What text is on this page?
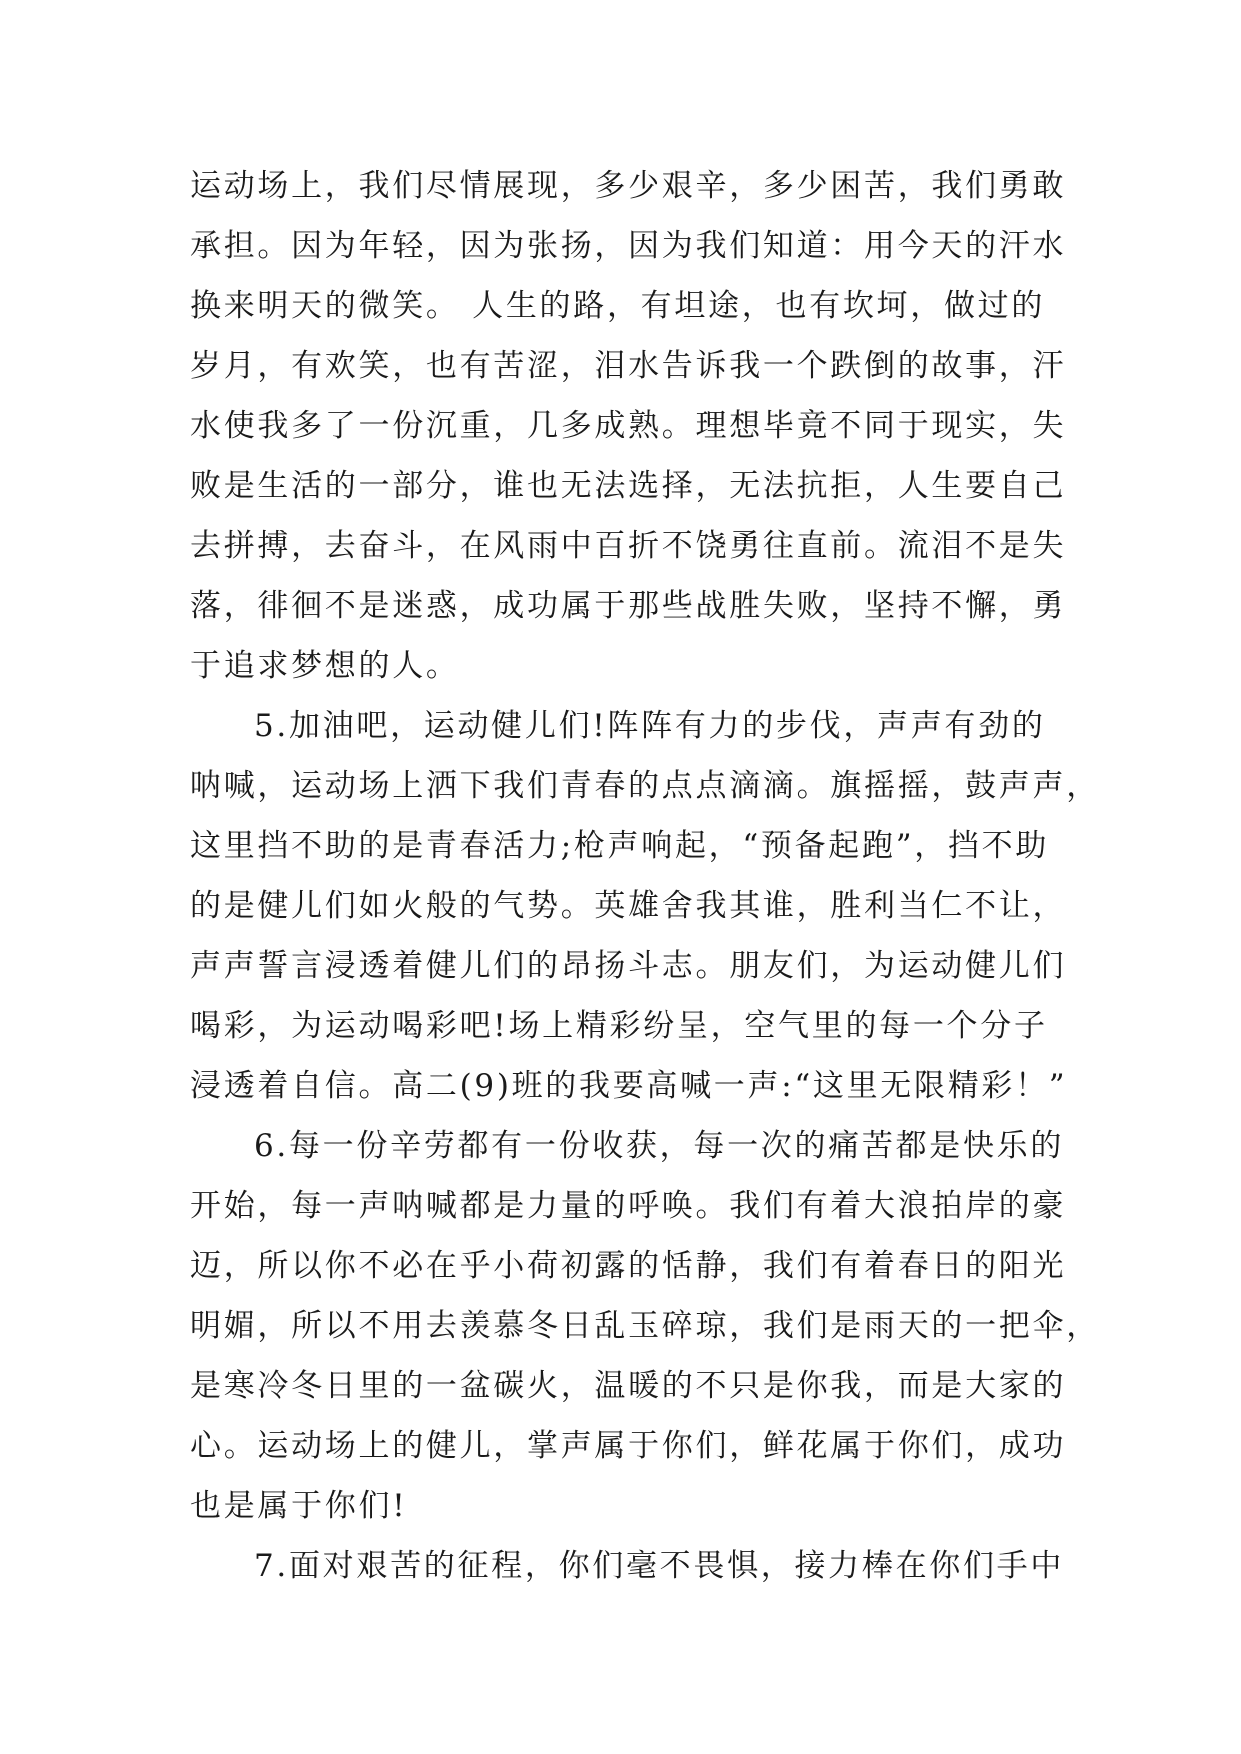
运动场上，我们尽情展现，多少艰辛，多少困苦，我们勇敢
承担。因为年轻，因为张扬，因为我们知道：用今天的汗水
换来明天的微笑。 人生的路，有坦途，也有坎坷，做过的
岁月，有欢笑，也有苦涩，泪水告诉我一个跌倒的故事，汗
水使我多了一份沉重，几多成熟。理想毕竟不同于现实，失
败是生活的一部分，谁也无法选择，无法抗拒，人生要自己
去拼搏，去奋斗，在风雨中百折不饶勇往直前。流泪不是失
落，徘徊不是迷惑，成功属于那些战胜失败，坚持不懈，勇
于追求梦想的人。
5.加油吧，运动健儿们!阵阵有力的步伐，声声有劲的
呐喊，运动场上洒下我们青春的点点滴滴。旗摇摇，鼓声声，
这里挡不助的是青春活力;枪声响起，“预备起跑”，挡不助
的是健儿们如火般的气势。英雄舍我其谁，胜利当仁不让，
声声誓言浸透着健儿们的昂扬斗志。朋友们，为运动健儿们
喝彩，为运动喝彩吧!场上精彩纷呈，空气里的每一个分子
浸透着自信。高二(9)班的我要高喊一声:“这里无限精彩！”
6.每一份辛劳都有一份收获，每一次的痛苦都是快乐的
开始，每一声呐喊都是力量的呼唤。我们有着大浪拍岸的豪
迈，所以你不必在乎小荷初露的恬静，我们有着春日的阳光
明媚，所以不用去羡慕冬日乱玉碎琼，我们是雨天的一把伞，
是寒冷冬日里的一盆碳火，温暖的不只是你我，而是大家的
心。运动场上的健儿，掌声属于你们，鲜花属于你们，成功
也是属于你们!
7.面对艰苦的征程，你们毫不畏惧，接力棒在你们手中
